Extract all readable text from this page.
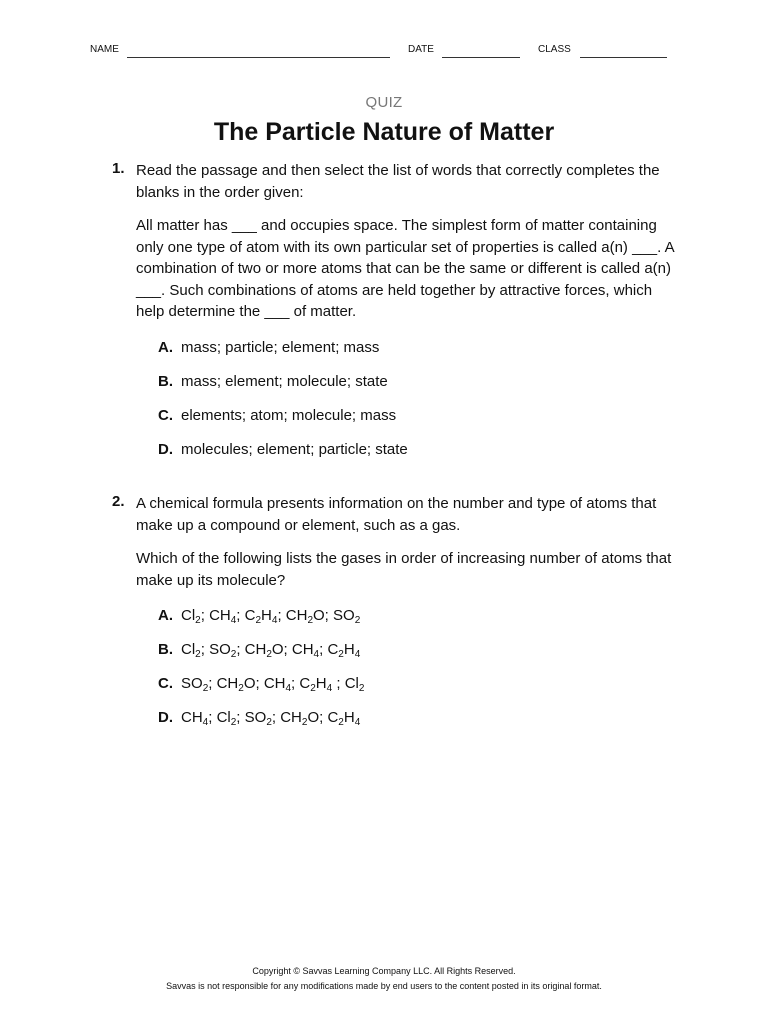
NAME	DATE	CLASS
QUIZ
The Particle Nature of Matter
1. Read the passage and then select the list of words that correctly completes the blanks in the order given:

All matter has ___ and occupies space. The simplest form of matter containing only one type of atom with its own particular set of properties is called a(n) ___. A combination of two or more atoms that can be the same or different is called a(n) ___. Such combinations of atoms are held together by attractive forces, which help determine the ___ of matter.

A. mass; particle; element; mass
B. mass; element; molecule; state
C. elements; atom; molecule; mass
D. molecules; element; particle; state
2. A chemical formula presents information on the number and type of atoms that make up a compound or element, such as a gas.

Which of the following lists the gases in order of increasing number of atoms that make up its molecule?

A. $Cl_2$; $CH_4$; $C_2H_4$; $CH_2O$; $SO_2$
B. $Cl_2$; $SO_2$; $CH_2O$; $CH_4$; $C_2H_4$
C. $SO_2$; $CH_2O$; $CH_4$; $C_2H_4$ ; $Cl_2$
D. $CH_4$; $Cl_2$; $SO_2$; $CH_2O$; $C_2H_4$
Copyright © Savvas Learning Company LLC. All Rights Reserved.
Savvas is not responsible for any modifications made by end users to the content posted in its original format.
